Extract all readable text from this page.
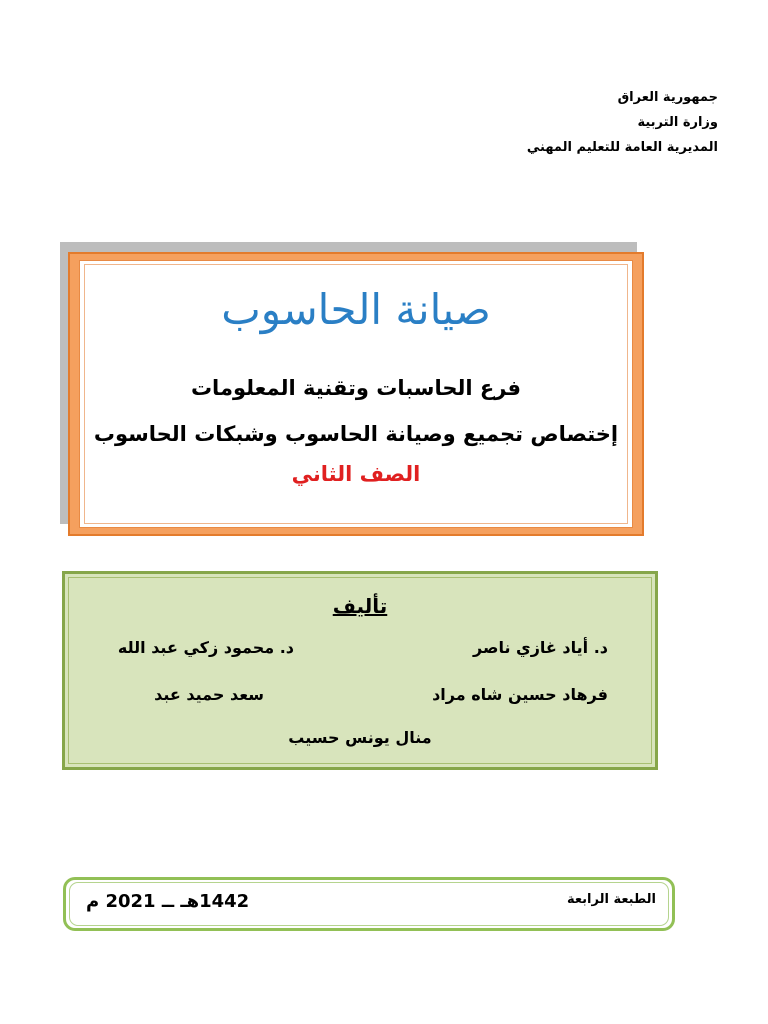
جمهورية العراق
وزارة التربية
المديرية العامة للتعليم المهني
صيانة الحاسوب
فرع الحاسبات وتقنية المعلومات
إختصاص تجميع وصيانة الحاسوب وشبكات الحاسوب
الصف الثاني
تأليف
د. أياد غازي ناصر
د. محمود زكي عبد الله
فرهاد حسين شاه مراد
سعد حميد عبد
منال يونس حسيب
الطبعة الرابعة
1442هـ ــ 2021 م
